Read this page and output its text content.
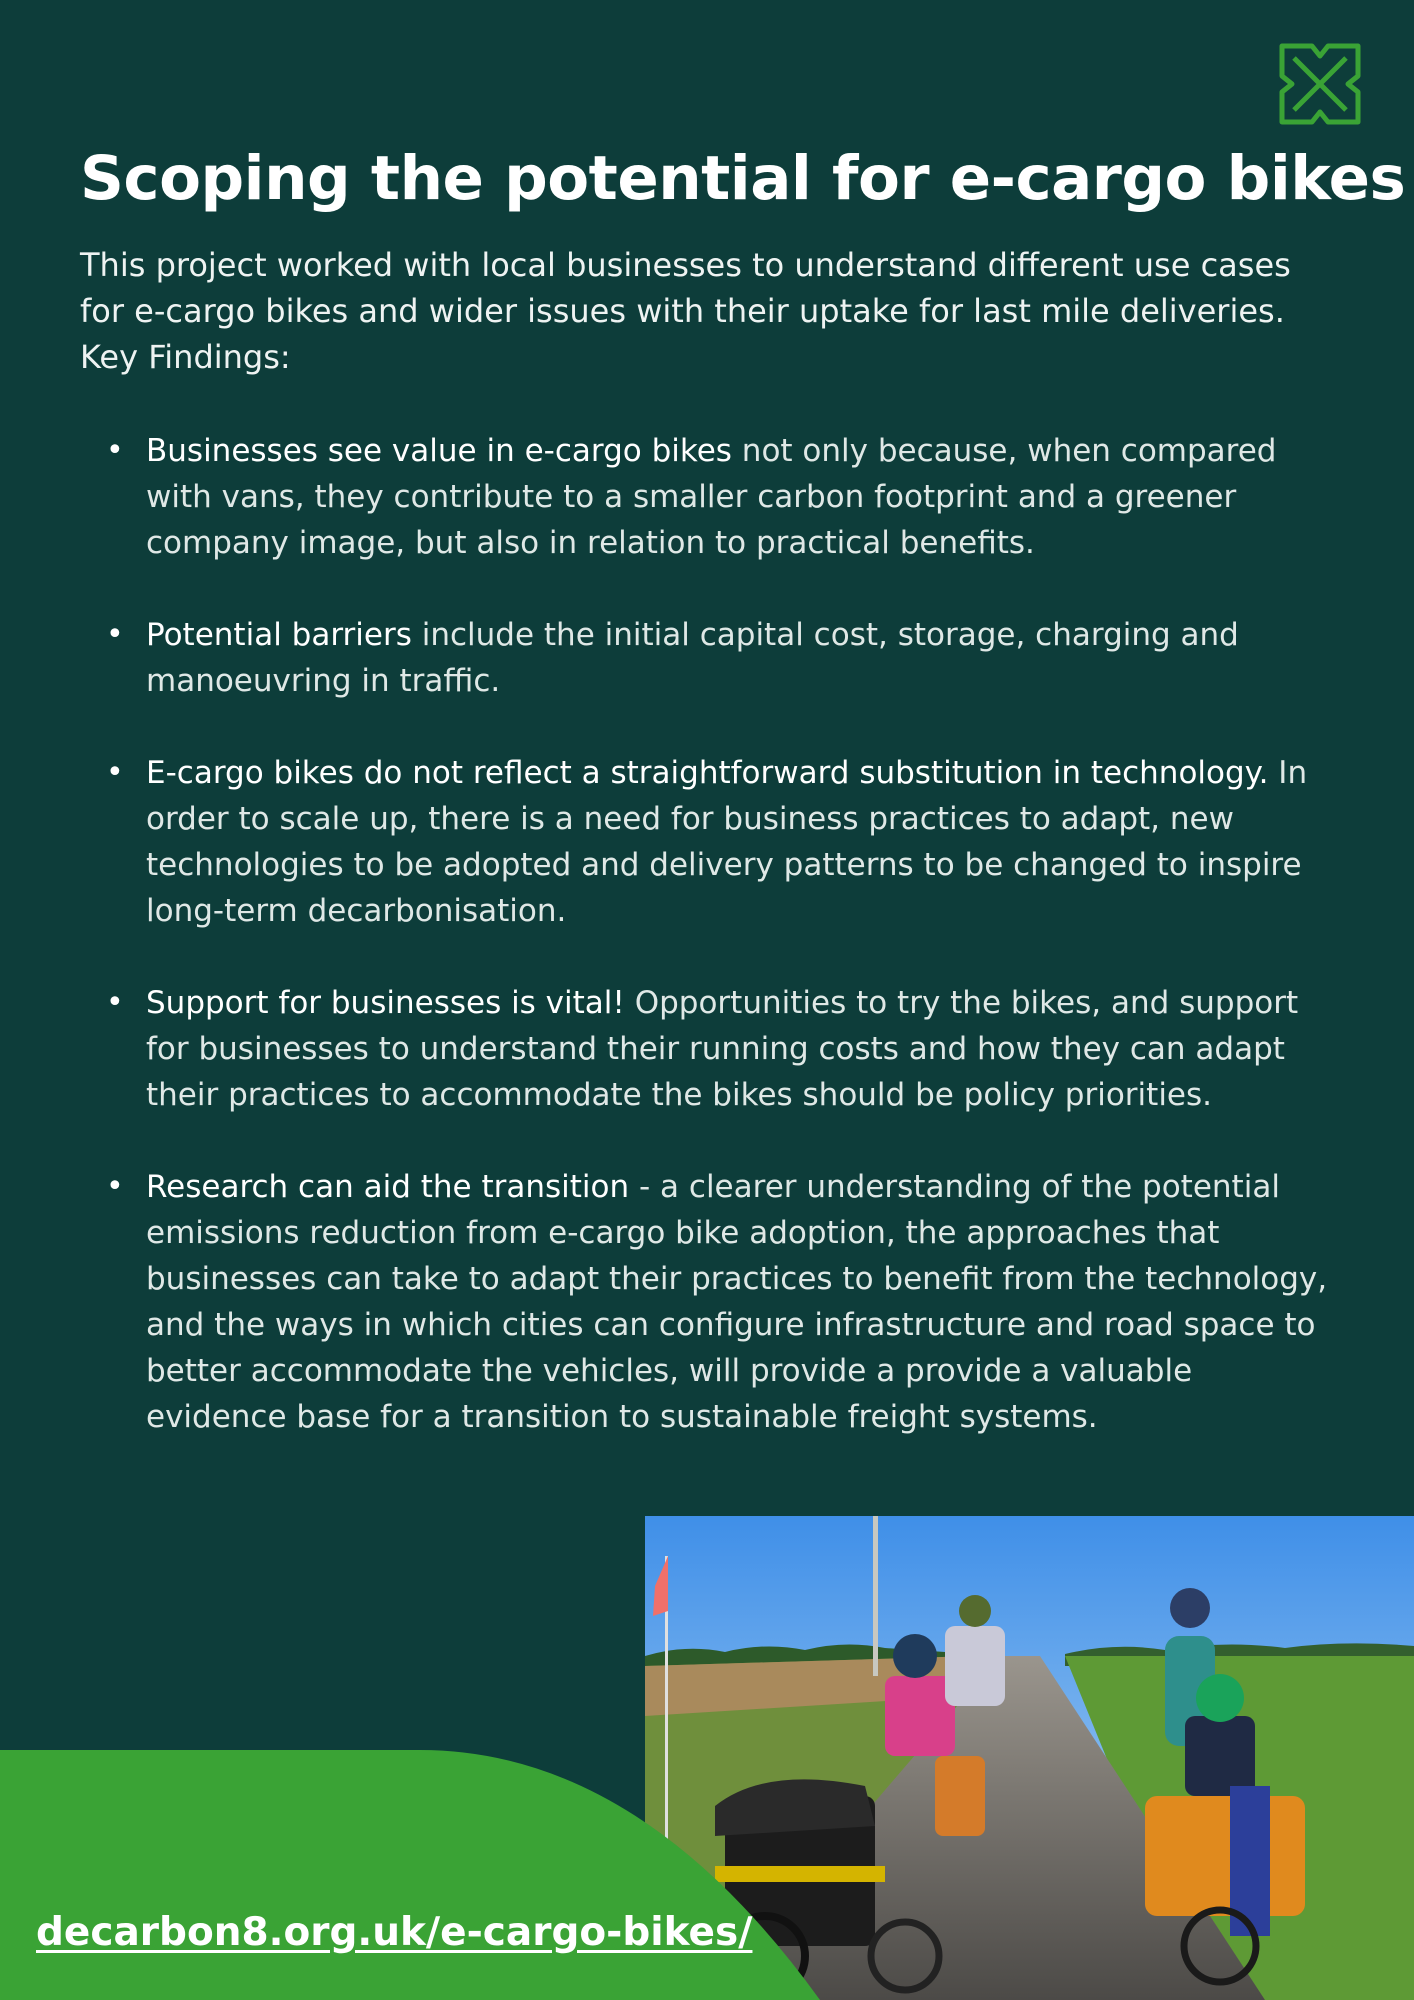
Scoping the potential for e-cargo bikes

This project worked with local businesses to understand different use cases for e-cargo bikes and wider issues with their uptake for last mile deliveries. Key Findings:

• Businesses see value in e-cargo bikes not only because, when compared with vans, they contribute to a smaller carbon footprint and a greener company image, but also in relation to practical benefits.
• Potential barriers include the initial capital cost, storage, charging and manoeuvring in traffic.
• E-cargo bikes do not reflect a straightforward substitution in technology. In order to scale up, there is a need for business practices to adapt, new technologies to be adopted and delivery patterns to be changed to inspire long-term decarbonisation.
• Support for businesses is vital! Opportunities to try the bikes, and support for businesses to understand their running costs and how they can adapt their practices to accommodate the bikes should be policy priorities.
• Research can aid the transition - a clearer understanding of the potential emissions reduction from e-cargo bike adoption, the approaches that businesses can take to adapt their practices to benefit from the technology, and the ways in which cities can configure infrastructure and road space to better accommodate the vehicles, will provide a provide a valuable evidence base for a transition to sustainable freight systems.
decarbon8.org.uk/e-cargo-bikes/
